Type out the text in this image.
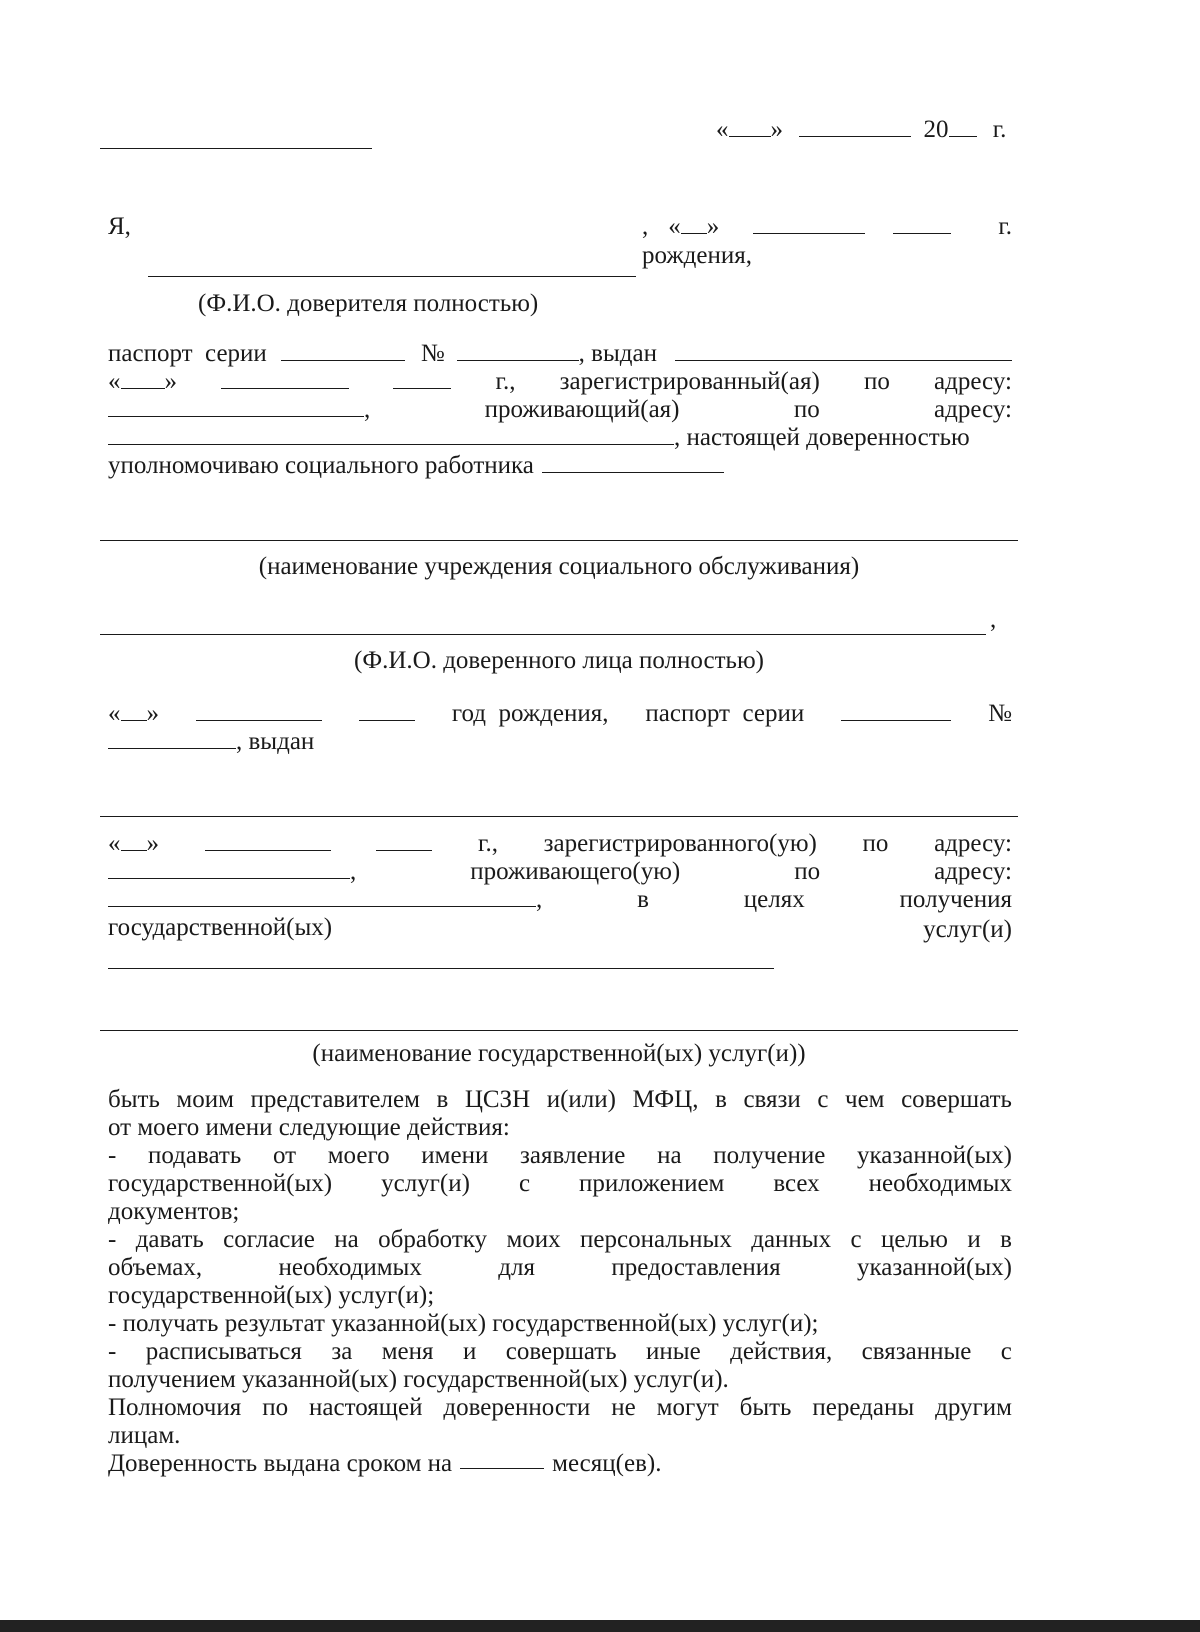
« »	20 г.
Я,	, « »	г.
рождения,
(Ф.И.О. доверителя полностью)
паспорт  серии	№	, выдан
« »	г., зарегистрированный(ая) по адресу:
,	проживающий(ая)	по	адресу:
, настоящей доверенностью
уполномочиваю социального работника
(наименование учреждения социального обслуживания)
,
(Ф.И.О. доверенного лица полностью)
« »	год  рождения, паспорт  серии	№
, выдан
« »	г., зарегистрированного(ую) по адресу:
,	проживающего(ую)	по	адресу:
,	в	целях	получения
государственной(ых)	услуг(и)
(наименование государственной(ых) услуг(и))
быть моим представителем в ЦСЗН и(или) МФЦ, в связи с чем совершать
от моего имени следующие действия:
- подавать от моего имени заявление на получение указанной(ых)
государственной(ых) услуг(и) с приложением всех необходимых
документов;
- давать согласие на обработку моих персональных данных с целью и в
объемах,	необходимых	для	предоставления	указанной(ых)
государственной(ых) услуг(и);
- получать результат указанной(ых) государственной(ых) услуг(и);
- расписываться за меня и совершать иные действия, связанные с
получением указанной(ых) государственной(ых) услуг(и).
Полномочия по настоящей доверенности не могут быть переданы другим
лицам.
Доверенность выдана сроком на	месяц(ев).
